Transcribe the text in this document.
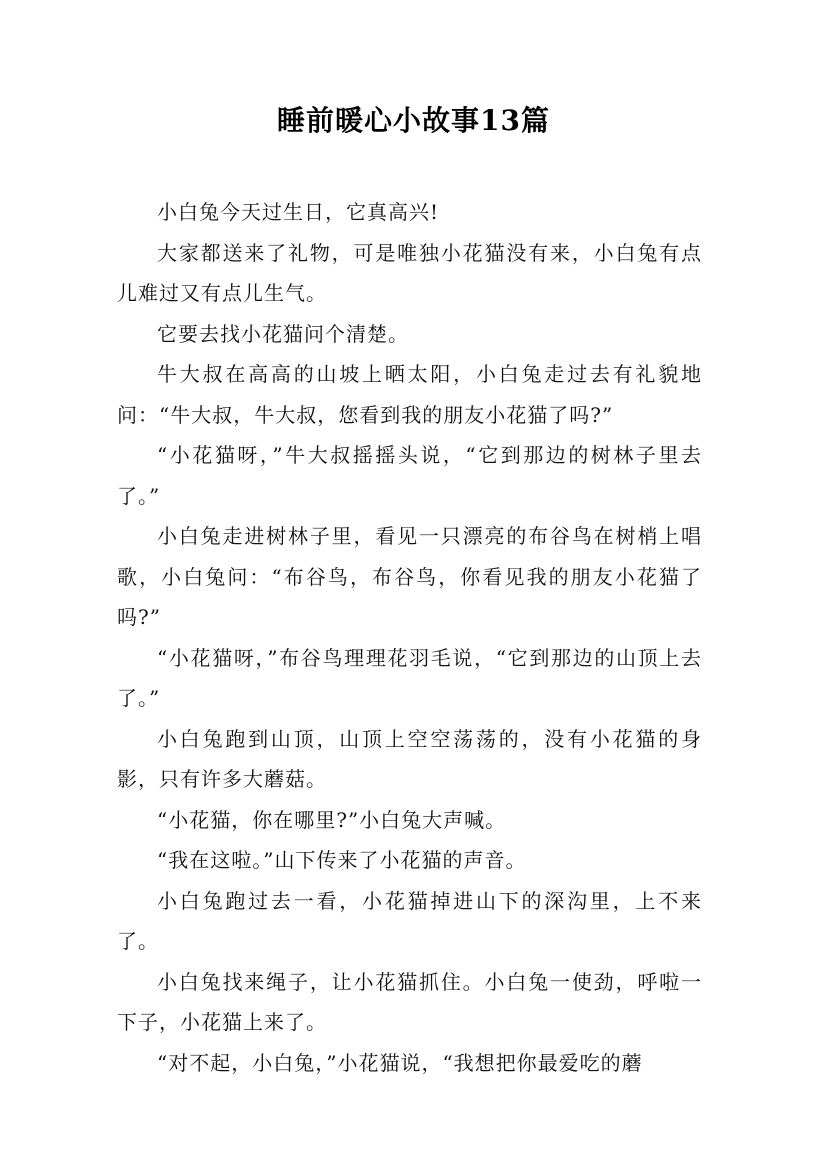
睡前暖心小故事13篇

小白兔今天过生日，它真高兴!

大家都送来了礼物，可是唯独小花猫没有来，小白兔有点儿难过又有点儿生气。

它要去找小花猫问个清楚。

牛大叔在高高的山坡上晒太阳，小白兔走过去有礼貌地问：“牛大叔，牛大叔，您看到我的朋友小花猫了吗?”

“小花猫呀，”牛大叔摇摇头说，“它到那边的树林子里去了。”

小白兔走进树林子里，看见一只漂亮的布谷鸟在树梢上唱歌，小白兔问：“布谷鸟，布谷鸟，你看见我的朋友小花猫了吗?”

“小花猫呀，”布谷鸟理理花羽毛说，“它到那边的山顶上去了。”

小白兔跑到山顶，山顶上空空荡荡的，没有小花猫的身影，只有许多大蘑菇。

“小花猫，你在哪里?”小白兔大声喊。

“我在这啦。”山下传来了小花猫的声音。

小白兔跑过去一看，小花猫掉进山下的深沟里，上不来了。

小白兔找来绳子，让小花猫抓住。小白兔一使劲，呼啦一下子，小花猫上来了。

“对不起，小白兔，”小花猫说，“我想把你最爱吃的蘑
